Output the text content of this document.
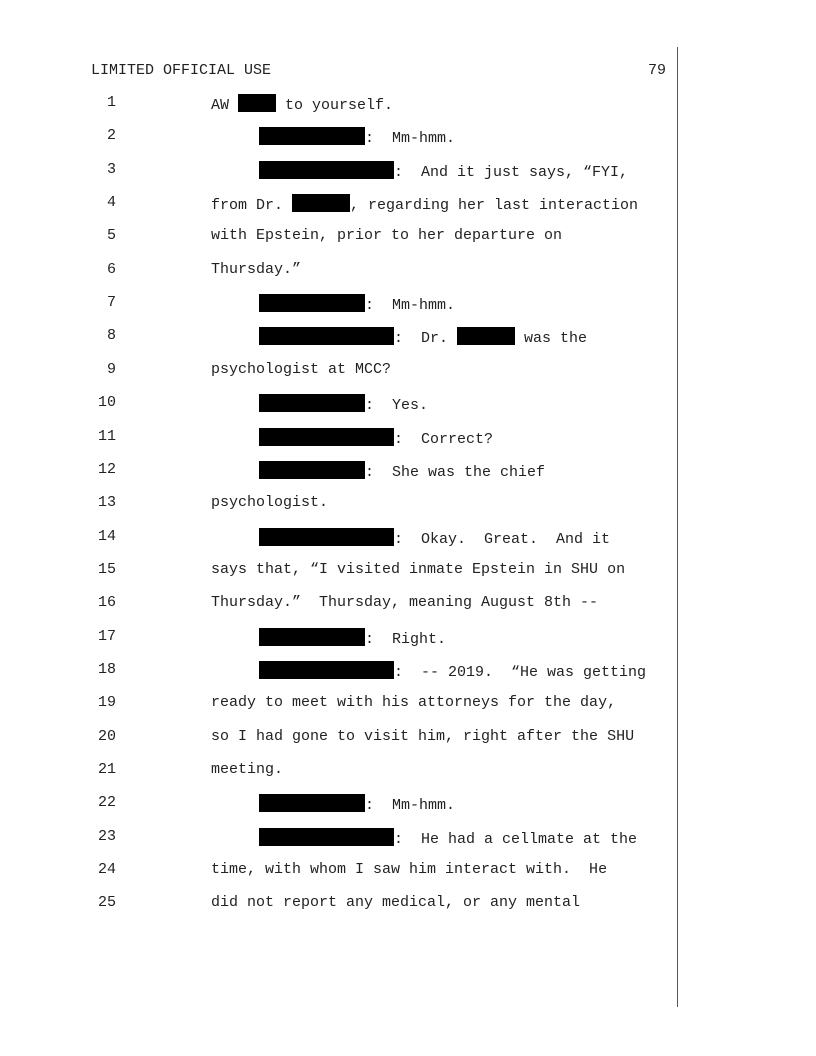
LIMITED OFFICIAL USE	79
1	AW	to yourself.
2	:  Mm-hmm.
3	:  And it just says, “FYI,
4	from Dr.	, regarding her last interaction
5	with Epstein, prior to her departure on
6	Thursday.”
7	:  Mm-hmm.
8	:  Dr.	was the
9	psychologist at MCC?
10	:  Yes.
11	:  Correct?
12	:  She was the chief
13	psychologist.
14	:  Okay.  Great.  And it
15	says that, “I visited inmate Epstein in SHU on
16	Thursday.”  Thursday, meaning August 8th --
17	:  Right.
18	:  -- 2019.  “He was getting
19	ready to meet with his attorneys for the day,
20	so I had gone to visit him, right after the SHU
21	meeting.
22	:  Mm-hmm.
23	:  He had a cellmate at the
24	time, with whom I saw him interact with.  He
25	did not report any medical, or any mental
